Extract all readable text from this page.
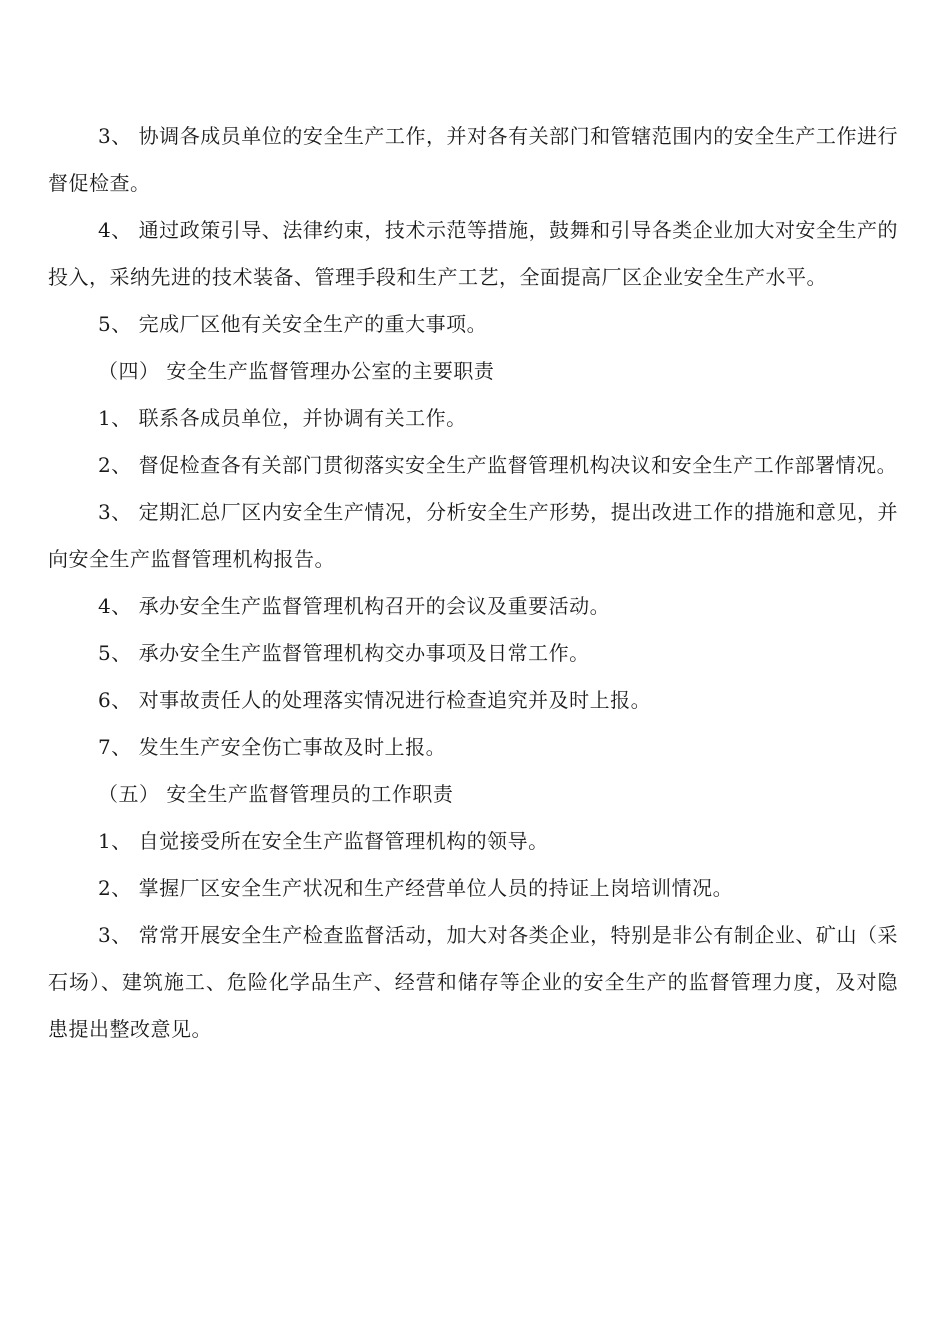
3、 协调各成员单位的安全生产工作，并对各有关部门和管辖范围内的安全生产工作进行督促检查。

4、 通过政策引导、法律约束，技术示范等措施，鼓舞和引导各类企业加大对安全生产的投入，采纳先进的技术装备、管理手段和生产工艺，全面提高厂区企业安全生产水平。

5、 完成厂区他有关安全生产的重大事项。

（四） 安全生产监督管理办公室的主要职责

1、 联系各成员单位，并协调有关工作。

2、 督促检查各有关部门贯彻落实安全生产监督管理机构决议和安全生产工作部署情况。

3、 定期汇总厂区内安全生产情况，分析安全生产形势，提出改进工作的措施和意见，并向安全生产监督管理机构报告。

4、 承办安全生产监督管理机构召开的会议及重要活动。

5、 承办安全生产监督管理机构交办事项及日常工作。

6、 对事故责任人的处理落实情况进行检查追究并及时上报。

7、 发生生产安全伤亡事故及时上报。

（五） 安全生产监督管理员的工作职责

1、 自觉接受所在安全生产监督管理机构的领导。

2、 掌握厂区安全生产状况和生产经营单位人员的持证上岗培训情况。

3、 常常开展安全生产检查监督活动，加大对各类企业，特别是非公有制企业、矿山（采石场）、建筑施工、危险化学品生产、经营和储存等企业的安全生产的监督管理力度，及对隐患提出整改意见。
